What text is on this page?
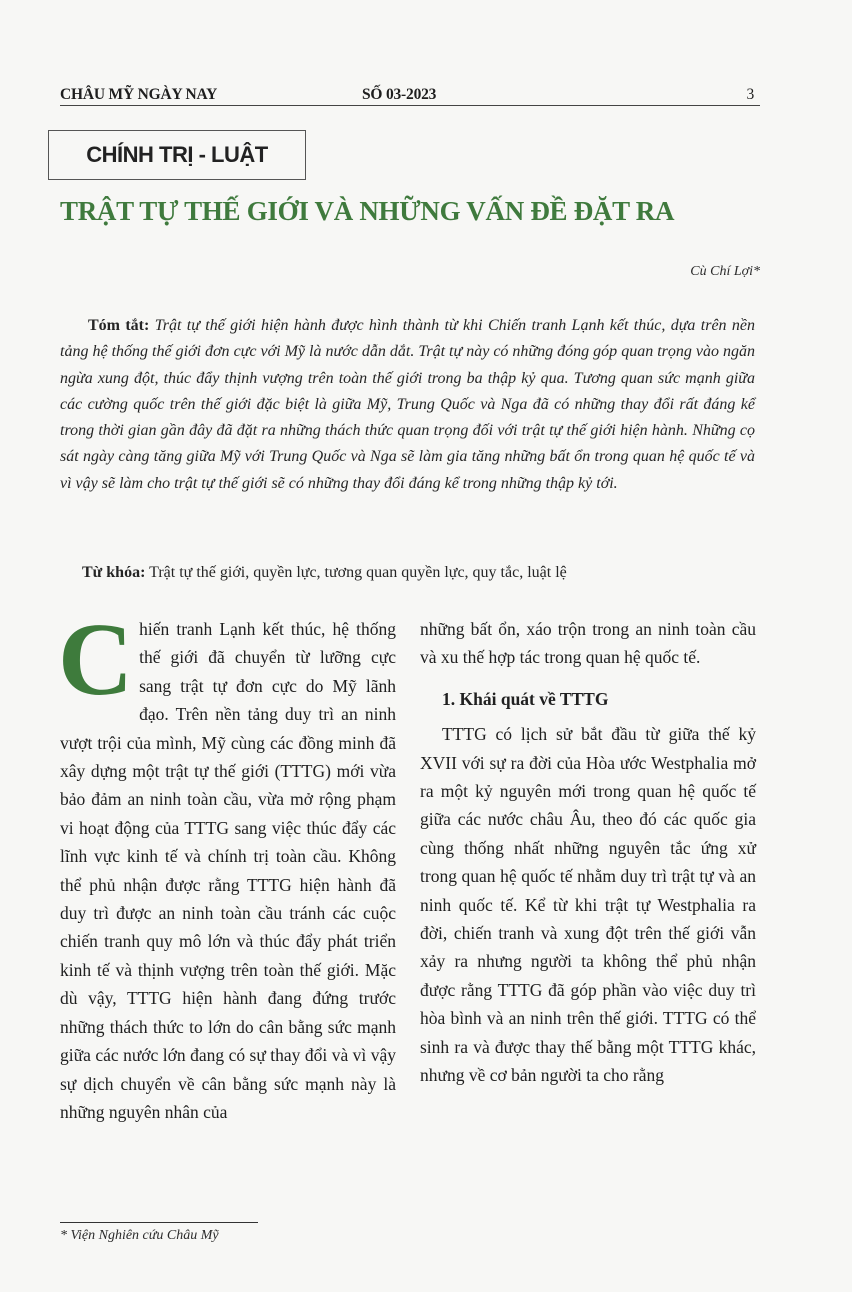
CHÂU MỸ NGÀY NAY	SỐ 03-2023	3
CHÍNH TRỊ - LUẬT
TRẬT TỰ THẾ GIỚI VÀ NHỮNG VẤN ĐỀ ĐẶT RA
Cù Chí Lợi*

Tóm tắt: Trật tự thế giới hiện hành được hình thành từ khi Chiến tranh Lạnh kết thúc, dựa trên nền tảng hệ thống thế giới đơn cực với Mỹ là nước dẫn dắt. Trật tự này có những đóng góp quan trọng vào ngăn ngừa xung đột, thúc đẩy thịnh vượng trên toàn thế giới trong ba thập kỷ qua. Tương quan sức mạnh giữa các cường quốc trên thế giới đặc biệt là giữa Mỹ, Trung Quốc và Nga đã có những thay đổi rất đáng kể trong thời gian gần đây đã đặt ra những thách thức quan trọng đối với trật tự thế giới hiện hành. Những cọ sát ngày càng tăng giữa Mỹ với Trung Quốc và Nga sẽ làm gia tăng những bất ổn trong quan hệ quốc tế và vì vậy sẽ làm cho trật tự thế giới sẽ có những thay đổi đáng kể trong những thập kỷ tới.

Từ khóa: Trật tự thế giới, quyền lực, tương quan quyền lực, quy tắc, luật lệ

Chiến tranh Lạnh kết thúc, hệ thống thế giới đã chuyển từ lưỡng cực sang trật tự đơn cực do Mỹ lãnh đạo. Trên nền tảng duy trì an ninh vượt trội của mình, Mỹ cùng các đồng minh đã xây dựng một trật tự thế giới (TTTG) mới vừa bảo đảm an ninh toàn cầu, vừa mở rộng phạm vi hoạt động của TTTG sang việc thúc đẩy các lĩnh vực kinh tế và chính trị toàn cầu. Không thể phủ nhận được rằng TTTG hiện hành đã duy trì được an ninh toàn cầu tránh các cuộc chiến tranh quy mô lớn và thúc đẩy phát triển kinh tế và thịnh vượng trên toàn thế giới. Mặc dù vậy, TTTG hiện hành đang đứng trước những thách thức to lớn do cân bằng sức mạnh giữa các nước lớn đang có sự thay đổi và vì vậy sự dịch chuyển về cân bằng sức mạnh này là những nguyên nhân của

những bất ổn, xáo trộn trong an ninh toàn cầu và xu thế hợp tác trong quan hệ quốc tế.

1. Khái quát về TTTG

TTTG có lịch sử bắt đầu từ giữa thế kỷ XVII với sự ra đời của Hòa ước Westphalia mở ra một kỷ nguyên mới trong quan hệ quốc tế giữa các nước châu Âu, theo đó các quốc gia cùng thống nhất những nguyên tắc ứng xử trong quan hệ quốc tế nhằm duy trì trật tự và an ninh quốc tế. Kể từ khi trật tự Westphalia ra đời, chiến tranh và xung đột trên thế giới vẫn xảy ra nhưng người ta không thể phủ nhận được rằng TTTG đã góp phần vào việc duy trì hòa bình và an ninh trên thế giới. TTTG có thể sinh ra và được thay thế bằng một TTTG khác, nhưng về cơ bản người ta cho rằng

* Viện Nghiên cứu Châu Mỹ
